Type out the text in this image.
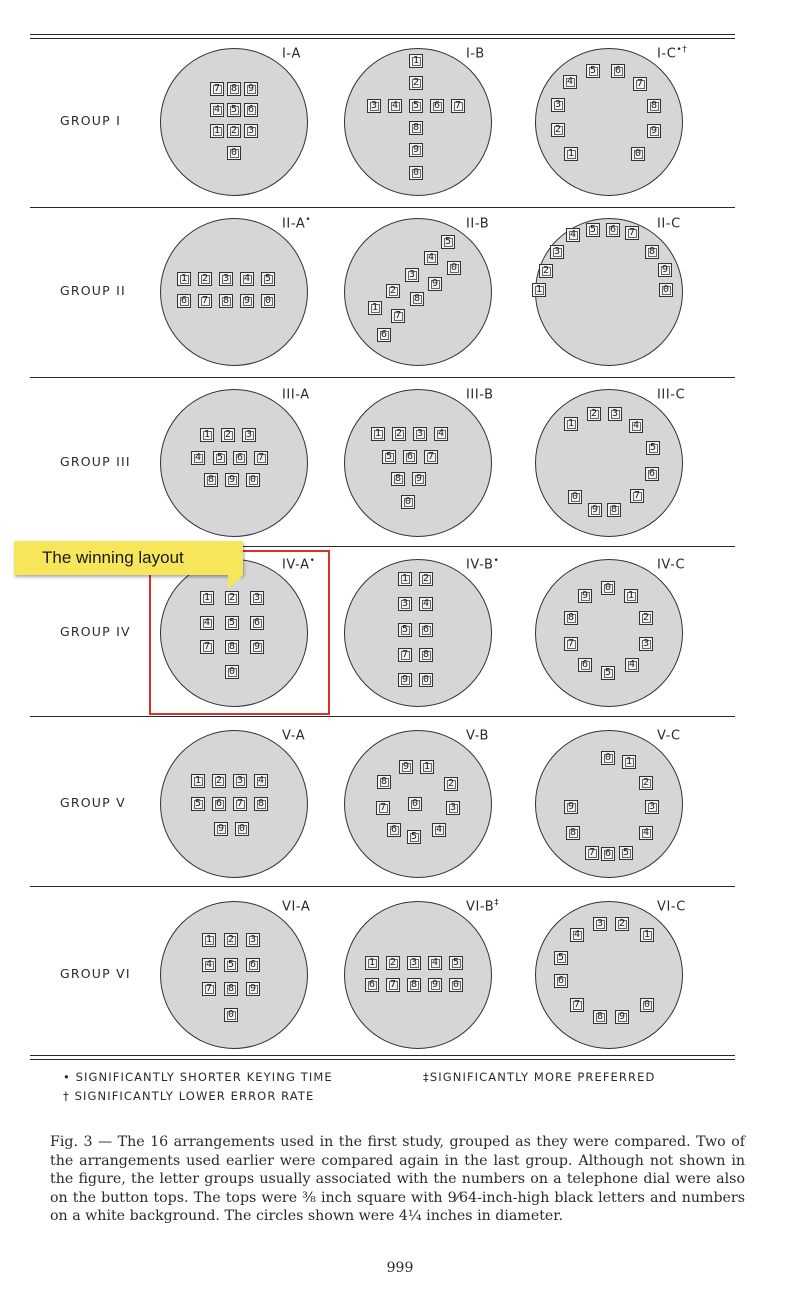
GROUP I
I-A
7	8	9
4	5	6
1	2	3
0
I-B
1
2
3	4	5	6	7
8
9
0
I-C•†
5	6
4	7
3	8
2	9
1	0
GROUP II
II-A•
1	2	3	4	5
6	7	8	9	0
II-B
5
4
0
3
9
2
8
1
7
6
II-C
4	5	6	7
3	8
2	9
1	0
GROUP III
III-A
1	2	3
4	5	6	7
8	9	0
III-B
1	2	3	4
5	6	7
8	9
0
III-C
1
2	3
4
5
6
7
8
9
0
GROUP IV
IV-A•
1	2	3
4	5	6
7	8	9
0
IV-B•
1	2
3	4
5	6
7	8
9	0
IV-C
0
9	1
8	2
7	3
6
5
4
GROUP V
V-A
1	2	3	4
5	6	7	8
9	0
V-B
9	1
8	2
7	0	3
6
5
4
V-C
0	1
2
3
9
4
8
5
6
7
GROUP VI
VI-A
1	2	3
4	5	6
7	8	9
0
VI-B‡
1	2	3	4	5
6	7	8	9	0
VI-C
3	2
4	1
5
6
7	0
8	9
• SIGNIFICANTLY SHORTER KEYING TIME
† SIGNIFICANTLY LOWER ERROR RATE
‡SIGNIFICANTLY MORE PREFERRED
Fig. 3 — The 16 arrangements used in the first study, grouped as they were compared. Two of the arrangements used earlier were compared again in the last group. Although not shown in the figure, the letter groups usually associated with the numbers on a telephone dial were also on the button tops. The tops were ⅜ inch square with 9⁄64-inch-high black letters and numbers on a white background. The circles shown were 4¼ inches in diameter.
999
The winning layout
